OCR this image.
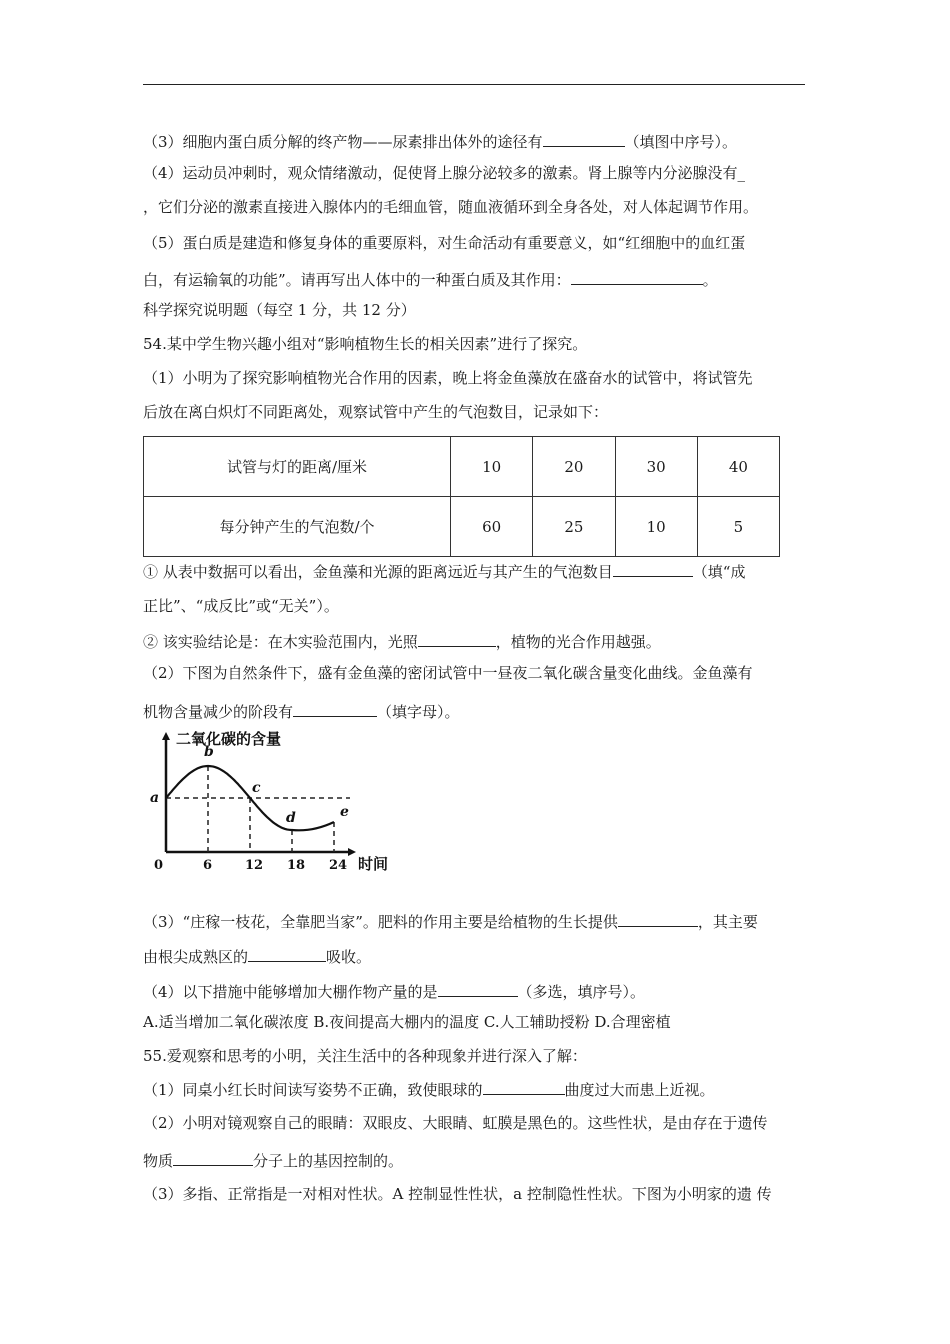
（3）细胞内蛋白质分解的终产物——尿素排出体外的途径有	（填图中序号）。
（4）运动员冲刺时，观众情绪激动，促使肾上腺分泌较多的激素。肾上腺等内分泌腺没有_
，它们分泌的激素直接进入腺体内的毛细血管，随血液循环到全身各处，对人体起调节作用。
（5）蛋白质是建造和修复身体的重要原料，对生命活动有重要意义，如“红细胞中的血红蛋
白，有运输氧的功能”。请再写出人体中的一种蛋白质及其作用：	。
科学探究说明题（每空 1 分，共 12 分）
54.某中学生物兴趣小组对“影响植物生长的相关因素”进行了探究。
（1）小明为了探究影响植物光合作用的因素，晚上将金鱼藻放在盛奋水的试管中，将试管先
后放在离白炽灯不同距离处，观察试管中产生的气泡数目，记录如下：
试管与灯的距离/厘米	10	20	30	40
每分钟产生的气泡数/个	60	25	10	5
① 从表中数据可以看出，金鱼藻和光源的距离远近与其产生的气泡数目	（填“成
正比”、“成反比”或“无关”）。
② 该实验结论是：在木实验范围内，光照	，植物的光合作用越强。
（2）下图为自然条件下，盛有金鱼藻的密闭试管中一昼夜二氧化碳含量变化曲线。金鱼藻有
机物含量减少的阶段有	（填字母）。
二氧化碳的含量
0	6	12 18 24 时间
a
b
c
d	e
（3）“庄稼一枝花，全靠肥当家”。肥料的作用主要是给植物的生长提供	，其主要
由根尖成熟区的	吸收。
（4）以下措施中能够增加大棚作物产量的是	（多选，填序号）。
A.适当增加二氧化碳浓度 B.夜间提高大棚内的温度 C.人工辅助授粉 D.合理密植
55.爱观察和思考的小明，关注生活中的各种现象并进行深入了解：
（1）同桌小红长时间读写姿势不正确，致使眼球的	曲度过大而患上近视。
（2）小明对镜观察自己的眼睛：双眼皮、大眼睛、虹膜是黑色的。这些性状，是由存在于遗传
物质	分子上的基因控制的。
（3）多指、正常指是一对相对性状。A 控制显性性状，a 控制隐性性状。下图为小明家的遗 传
